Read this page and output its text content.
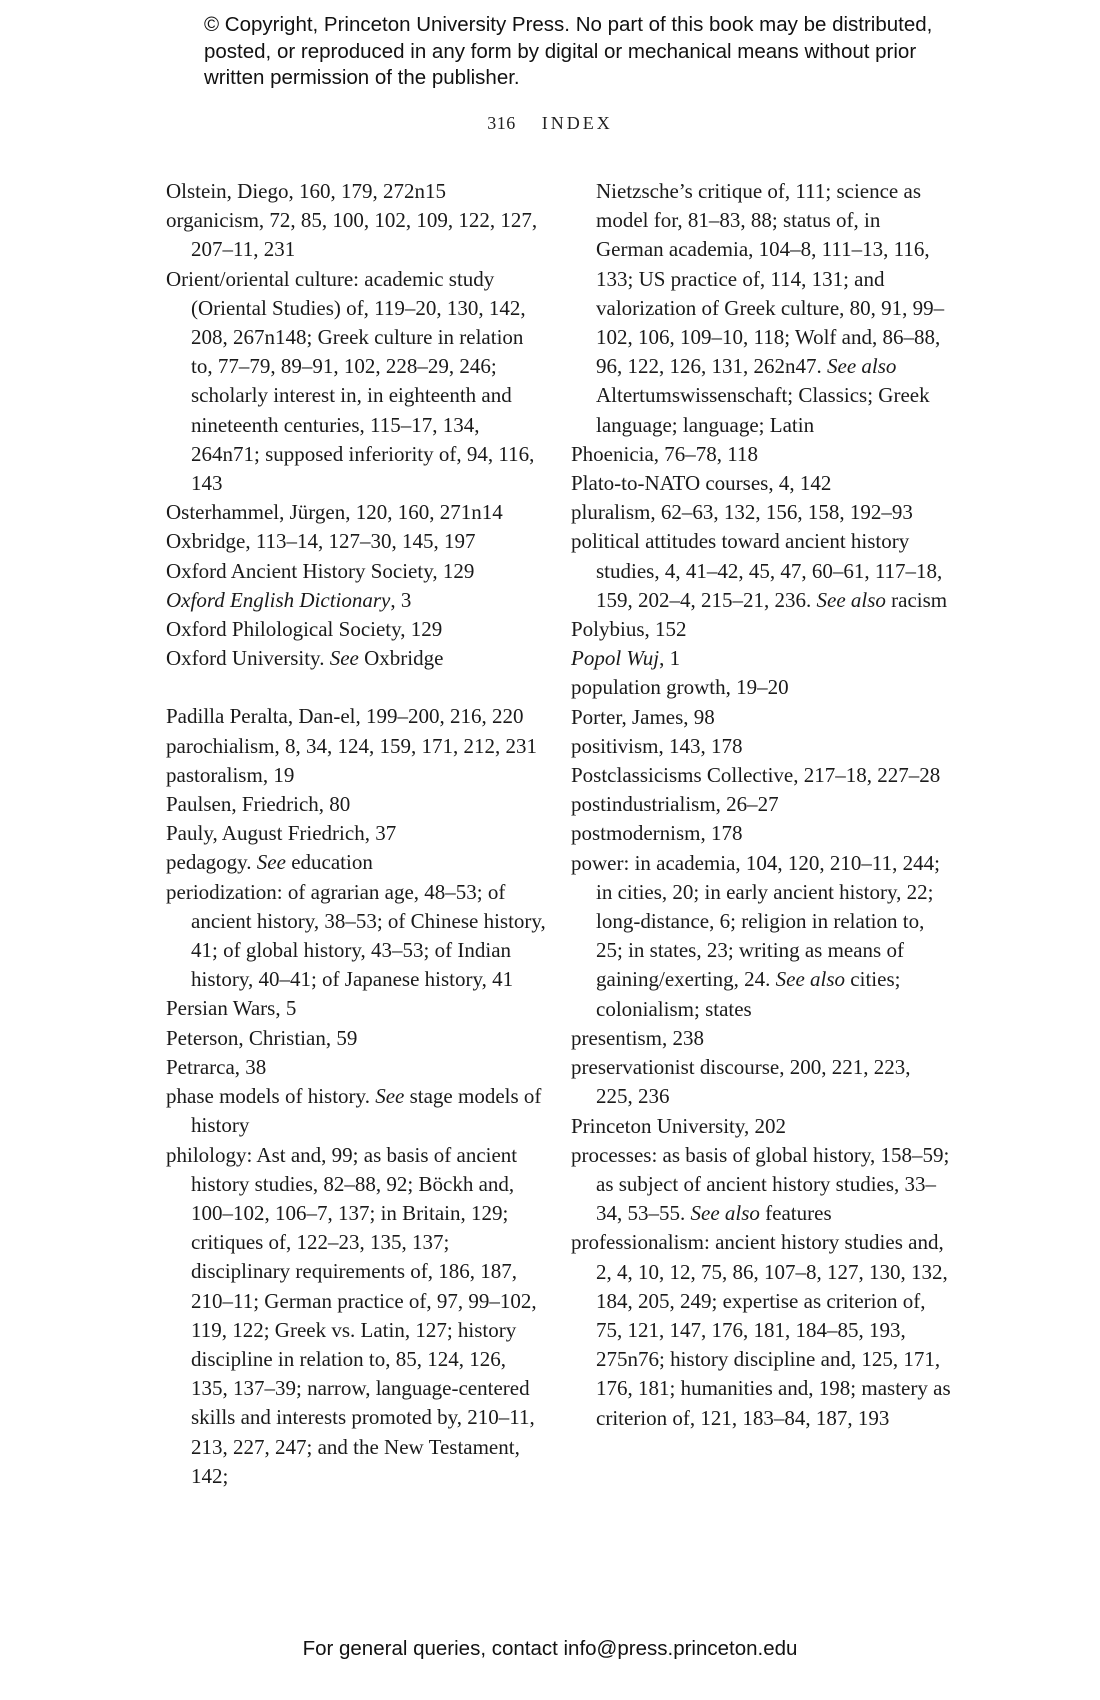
© Copyright, Princeton University Press. No part of this book may be distributed, posted, or reproduced in any form by digital or mechanical means without prior written permission of the publisher.
316 INDEX
Olstein, Diego, 160, 179, 272n15
organicism, 72, 85, 100, 102, 109, 122, 127, 207–11, 231
Orient/oriental culture: academic study (Oriental Studies) of, 119–20, 130, 142, 208, 267n148; Greek culture in relation to, 77–79, 89–91, 102, 228–29, 246; scholarly interest in, in eighteenth and nineteenth centuries, 115–17, 134, 264n71; supposed inferiority of, 94, 116, 143
Osterhammel, Jürgen, 120, 160, 271n14
Oxbridge, 113–14, 127–30, 145, 197
Oxford Ancient History Society, 129
Oxford English Dictionary, 3
Oxford Philological Society, 129
Oxford University. See Oxbridge
Padilla Peralta, Dan-el, 199–200, 216, 220
parochialism, 8, 34, 124, 159, 171, 212, 231
pastoralism, 19
Paulsen, Friedrich, 80
Pauly, August Friedrich, 37
pedagogy. See education
periodization: of agrarian age, 48–53; of ancient history, 38–53; of Chinese history, 41; of global history, 43–53; of Indian history, 40–41; of Japanese history, 41
Persian Wars, 5
Peterson, Christian, 59
Petrarca, 38
phase models of history. See stage models of history
philology: Ast and, 99; as basis of ancient history studies, 82–88, 92; Böckh and, 100–102, 106–7, 137; in Britain, 129; critiques of, 122–23, 135, 137; disciplinary requirements of, 186, 187, 210–11; German practice of, 97, 99–102, 119, 122; Greek vs. Latin, 127; history discipline in relation to, 85, 124, 126, 135, 137–39; narrow, language-centered skills and interests promoted by, 210–11, 213, 227, 247; and the New Testament, 142;
Nietzsche’s critique of, 111; science as model for, 81–83, 88; status of, in German academia, 104–8, 111–13, 116, 133; US practice of, 114, 131; and valorization of Greek culture, 80, 91, 99–102, 106, 109–10, 118; Wolf and, 86–88, 96, 122, 126, 131, 262n47. See also Altertumswissenschaft; Classics; Greek language; language; Latin
Phoenicia, 76–78, 118
Plato-to-NATO courses, 4, 142
pluralism, 62–63, 132, 156, 158, 192–93
political attitudes toward ancient history studies, 4, 41–42, 45, 47, 60–61, 117–18, 159, 202–4, 215–21, 236. See also racism
Polybius, 152
Popol Wuj, 1
population growth, 19–20
Porter, James, 98
positivism, 143, 178
Postclassicisms Collective, 217–18, 227–28
postindustrialism, 26–27
postmodernism, 178
power: in academia, 104, 120, 210–11, 244; in cities, 20; in early ancient history, 22; long-distance, 6; religion in relation to, 25; in states, 23; writing as means of gaining/exerting, 24. See also cities; colonialism; states
presentism, 238
preservationist discourse, 200, 221, 223, 225, 236
Princeton University, 202
processes: as basis of global history, 158–59; as subject of ancient history studies, 33–34, 53–55. See also features
professionalism: ancient history studies and, 2, 4, 10, 12, 75, 86, 107–8, 127, 130, 132, 184, 205, 249; expertise as criterion of, 75, 121, 147, 176, 181, 184–85, 193, 275n76; history discipline and, 125, 171, 176, 181; humanities and, 198; mastery as criterion of, 121, 183–84, 187, 193
For general queries, contact info@press.princeton.edu
